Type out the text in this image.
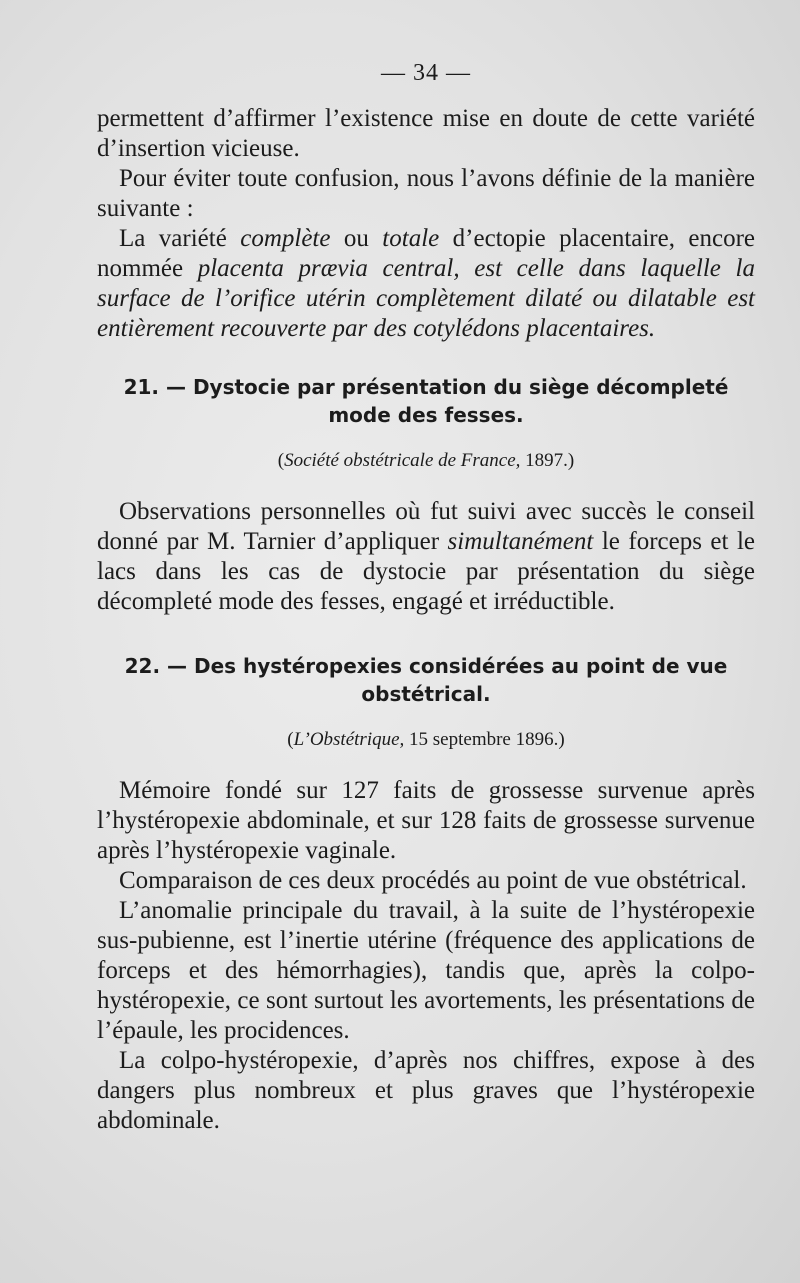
— 34 —

permettent d’affirmer l’existence mise en doute de cette variété d’insertion vicieuse.

Pour éviter toute confusion, nous l’avons définie de la manière suivante :

La variété complète ou totale d’ectopie placentaire, encore nommée placenta prævia central, est celle dans laquelle la surface de l’orifice utérin complètement dilaté ou dilatable est entièrement recouverte par des cotylédons placentaires.

21. — Dystocie par présentation du siège décompleté mode des fesses.
(Société obstétricale de France, 1897.)

Observations personnelles où fut suivi avec succès le conseil donné par M. Tarnier d’appliquer simultanément le forceps et le lacs dans les cas de dystocie par présentation du siège décompleté mode des fesses, engagé et irréductible.

22. — Des hystéropexies considérées au point de vue obstétrical.
(L’Obstétrique, 15 septembre 1896.)

Mémoire fondé sur 127 faits de grossesse survenue après l’hystéropexie abdominale, et sur 128 faits de grossesse survenue après l’hystéropexie vaginale.

Comparaison de ces deux procédés au point de vue obstétrical.

L’anomalie principale du travail, à la suite de l’hystéropexie sus-pubienne, est l’inertie utérine (fréquence des applications de forceps et des hémorrhagies), tandis que, après la colpo-hystéropexie, ce sont surtout les avortements, les présentations de l’épaule, les procidences.

La colpo-hystéropexie, d’après nos chiffres, expose à des dangers plus nombreux et plus graves que l’hystéropexie abdominale.
